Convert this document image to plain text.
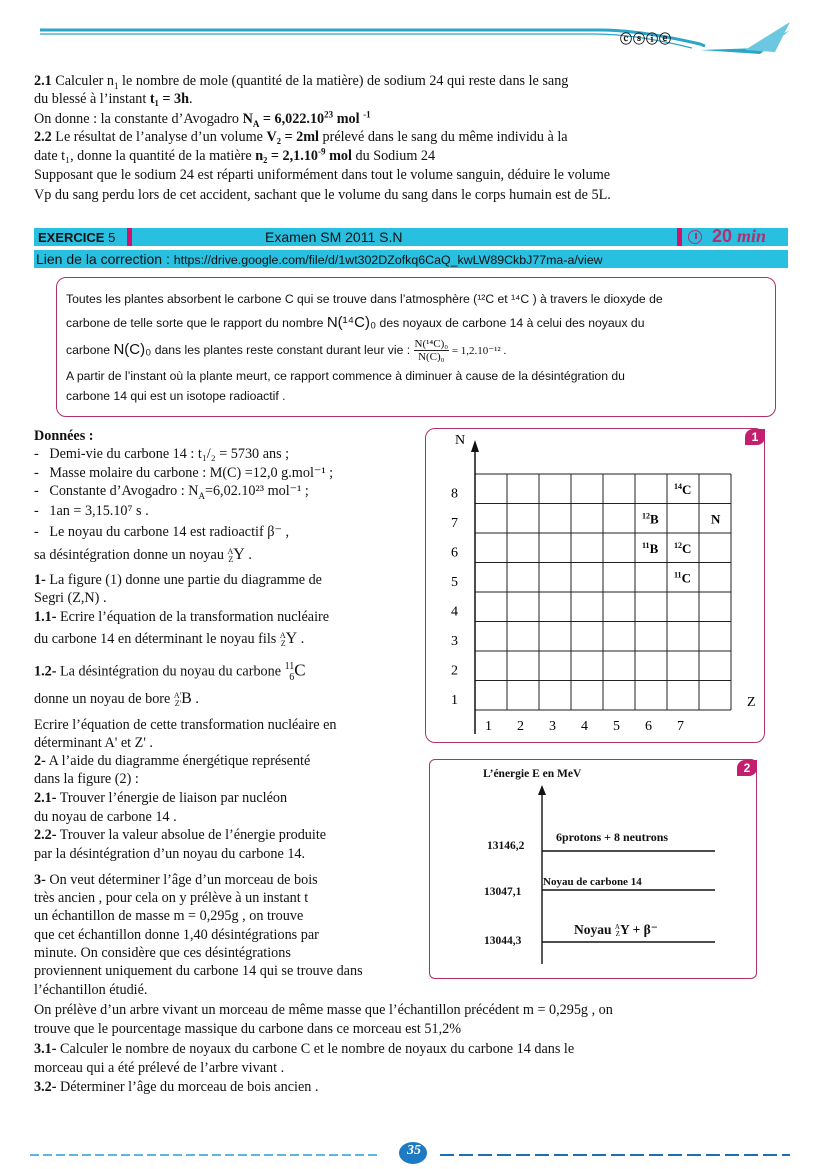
ⓒⓢⓘⓔ
2.1 Calculer $n_1$ le nombre de mole (quantité de la matière) de sodium 24 qui reste dans le sang
du blessé à l’instant t₁ = 3h.
On donne : la constante d’Avogadro $N_A = 6,022.10^{23}$ mol $^{-1}$
2.2 Le résultat de l’analyse d’un volume V₂ = 2ml prélevé dans le sang du même individu à la
date t₁, donne la quantité de la matière $n_2 = 2,1.10^{-9}$ mol du Sodium 24
Supposant que le sodium 24 est réparti uniformément dans tout le volume sanguin, déduire le volume
Vp du sang perdu lors de cet accident, sachant que le volume du sang dans le corps humain est de 5L.
EXERCICE 5	Examen SM 2011 S.N	20 min
Lien de la correction : https://drive.google.com/file/d/1wt302DZofkq6CaQ_kwLW89CkbJ77ma-a/view
Toutes les plantes absorbent le carbone C qui se trouve dans l’atmosphère (¹²C et ¹⁴C ) à travers le dioxyde de
carbone de telle sorte que le rapport du nombre N(¹⁴C)₀ des noyaux de carbone 14 à celui des noyaux du
carbone N(C)₀ dans les plantes reste constant durant leur vie : $\frac{\text{N(¹⁴C)₀}}{\text{N(C)₀}} = 1,2.10^{-12}$ .
A partir de l’instant où la plante meurt, ce rapport commence à diminuer à cause de la désintégration du
carbone 14 qui est un isotope radioactif .
Données :
-   Demi-vie du carbone 14 : t₁/₂ = 5730 ans ;
-   Masse molaire du carbone : M(C) =12,0 g.mol⁻¹ ;
-   Constante d’Avogadro : $N_A=6,02.10^{23}$ mol⁻¹ ;
-   1an = 3,15.10⁷ s .
-   Le noyau du carbone 14 est radioactif β⁻ ,
sa désintégration donne un noyau A
Z Y .
1- La figure (1) donne une partie du diagramme de
Segri (Z,N) .
1.1- Ecrire l’équation de la transformation nucléaire
du carbone 14 en déterminant le noyau fils A
Z Y .
1.2- La désintégration du noyau du carbone 11
6 C
donne un noyau de bore A'
Z' B .
Ecrire l’équation de cette transformation nucléaire en
déterminant A' et Z' .
2- A l’aide du diagramme énergétique représenté
dans la figure (2) :
2.1- Trouver l’énergie de liaison par nucléon
du noyau de carbone 14 .
2.2- Trouver la valeur absolue de l’énergie produite
par la désintégration d’un noyau du carbone 14.
3- On veut déterminer l’âge d’un morceau de bois
très ancien , pour cela on y prélève à un instant t
un échantillon de masse m = 0,295g , on trouve
que cet échantillon donne 1,40 désintégrations par
minute. On considère que ces désintégrations
proviennent uniquement du carbone 14 qui se trouve dans
l’échantillon étudié.
On prélève d’un arbre vivant un morceau de même masse que l’échantillon précédent m = 0,295g , on
trouve que le pourcentage massique du carbone dans ce morceau est 51,2%
3.1- Calculer le nombre de noyaux du carbone C et le nombre de noyaux du carbone 14 dans le
morceau qui a été prélevé de l’arbre vivant .
3.2- Déterminer l’âge du morceau de bois ancien .
1
N
Z
1
2
3
4
5
6
7
8
1 2 3 4 5 6 7
$^{14}$C
$^{12}$B	N
$^{11}$B $^{12}$C
$^{11}$C
2
L’énergie E en MeV
13146,2
6protons + 8 neutrons
13047,1
Noyau de carbone 14
13044,3
Noyau A
Z Y + β⁻
35
